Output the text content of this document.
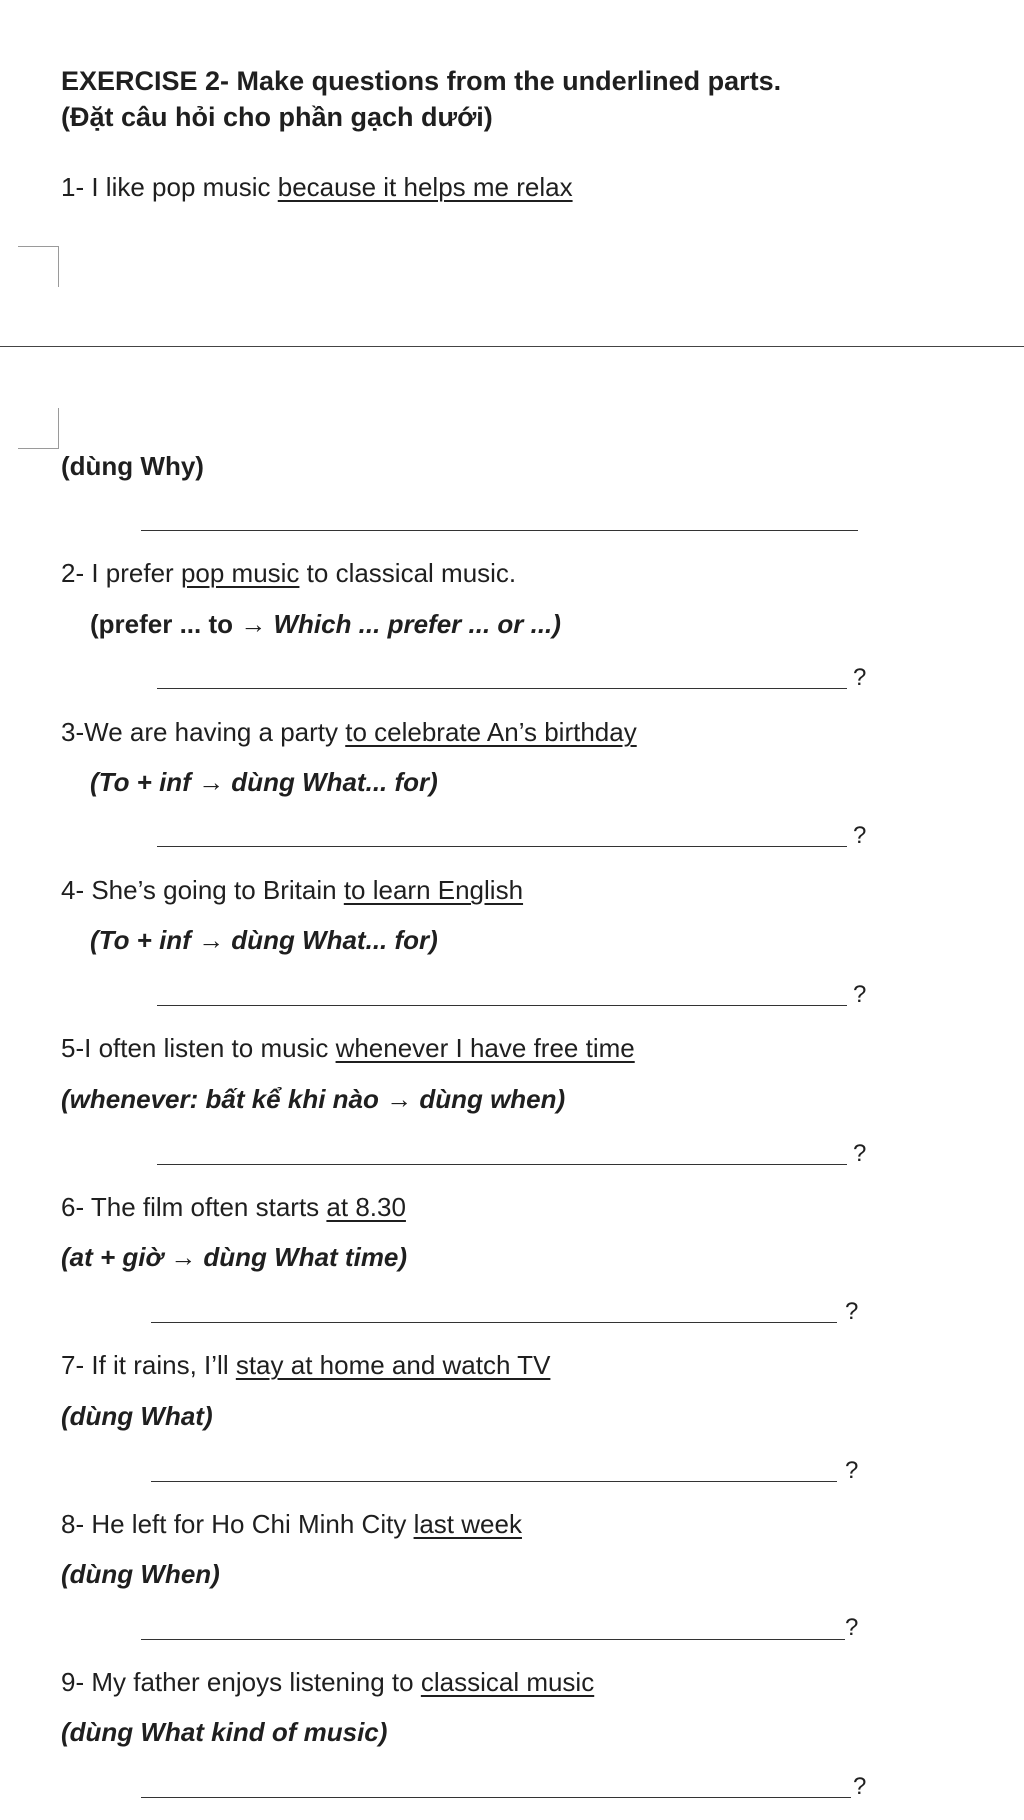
EXERCISE 2- Make questions from the underlined parts.
(Đặt câu hỏi cho phần gạch dưới)
1- I like pop music because it helps me relax
(dùng Why)
2- I prefer pop music to classical music.
(prefer ... to → Which ... prefer ... or ...)
?
3-We are having a party to celebrate An’s birthday
(To + inf → dùng What... for)
?
4- She’s going to Britain to learn English
(To + inf → dùng What... for)
?
5-I often listen to music whenever I have free time
(whenever: bất kể khi nào → dùng when)
?
6- The film often starts at 8.30
(at + giờ → dùng What time)
?
7- If it rains, I’ll stay at home and watch TV
(dùng What)
?
8- He left for Ho Chi Minh City last week
(dùng When)
?
9- My father enjoys listening to classical music
(dùng What kind of music)
?
